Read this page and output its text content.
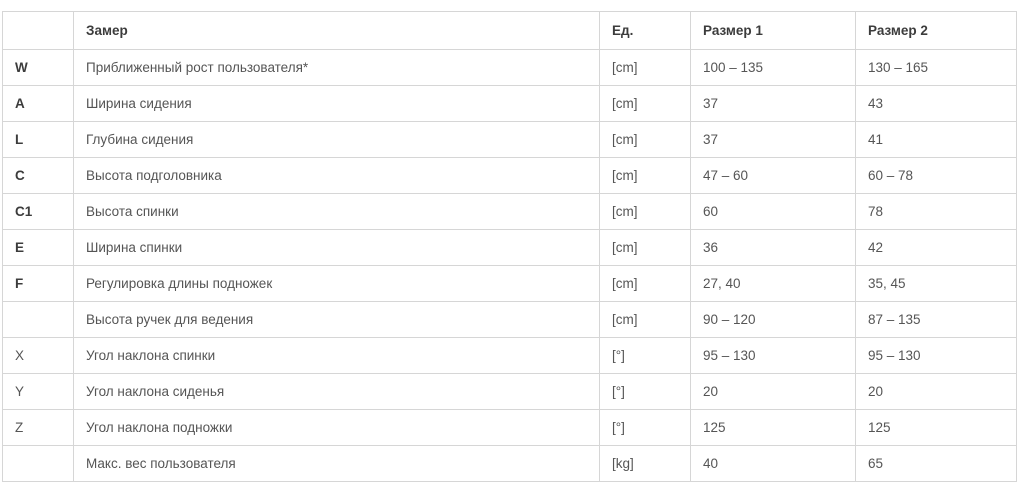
	Замер	Ед.	Размер 1	Размер 2
W	Приближенный рост пользователя*	[cm]	100 – 135	130 – 165
A	Ширина сидения	[cm]	37	43
L	Глубина сидения	[cm]	37	41
C	Высота подголовника	[cm]	47 – 60	60 – 78
C1	Высота спинки	[cm]	60	78
E	Ширина спинки	[cm]	36	42
F	Регулировка длины подножек	[cm]	27, 40	35, 45
	Высота ручек для ведения	[cm]	90 – 120	87 – 135
X	Угол наклона спинки	[°]	95 – 130	95 – 130
Y	Угол наклона сиденья	[°]	20	20
Z	Угол наклона подножки	[°]	125	125
	Макс. вес пользователя	[kg]	40	65
